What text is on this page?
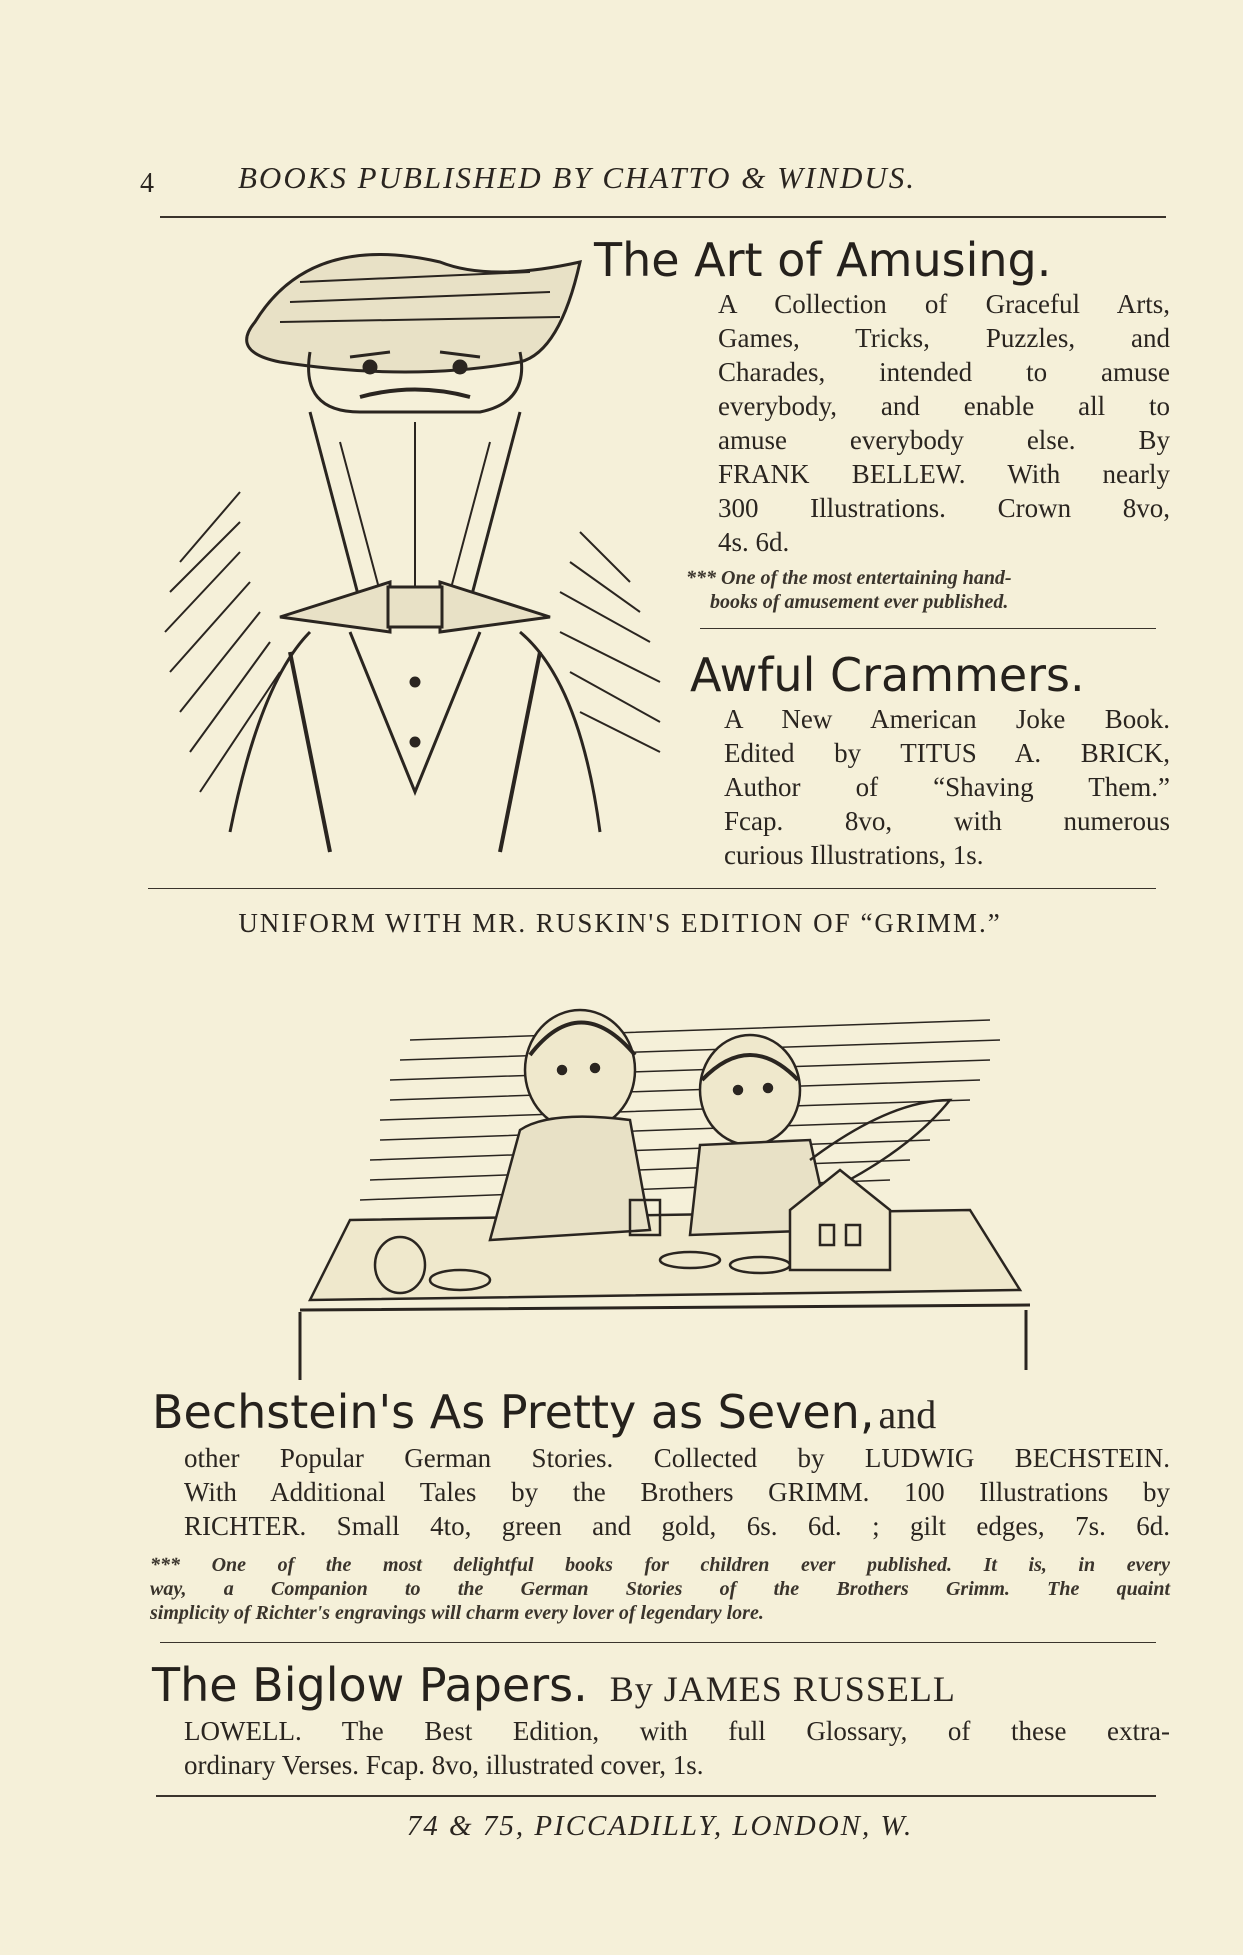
4	BOOKS PUBLISHED BY CHATTO & WINDUS.
The Art of Amusing.
A Collection of Graceful Arts,
Games, Tricks, Puzzles, and
Charades, intended to amuse
everybody, and enable all to
amuse everybody else. By
FRANK BELLEW. With nearly
300 Illustrations. Crown 8vo,
4s. 6d.
*** One of the most entertaining hand-
books of amusement ever published.
Awful Crammers.
A New American Joke Book.
Edited by TITUS A. BRICK,
Author of “Shaving Them.”
Fcap. 8vo, with numerous
curious Illustrations, 1s.
UNIFORM WITH MR. RUSKIN'S EDITION OF “GRIMM.”
Bechstein's As Pretty as Seven, and
other Popular German Stories. Collected by LUDWIG BECHSTEIN.
With Additional Tales by the Brothers GRIMM. 100 Illustrations by
RICHTER. Small 4to, green and gold, 6s. 6d. ; gilt edges, 7s. 6d.
*** One of the most delightful books for children ever published. It is, in every
way, a Companion to the German Stories of the Brothers Grimm. The quaint
simplicity of Richter's engravings will charm every lover of legendary lore.
The Biglow Papers. By JAMES RUSSELL
LOWELL. The Best Edition, with full Glossary, of these extra-
ordinary Verses. Fcap. 8vo, illustrated cover, 1s.
74 & 75, PICCADILLY, LONDON, W.
